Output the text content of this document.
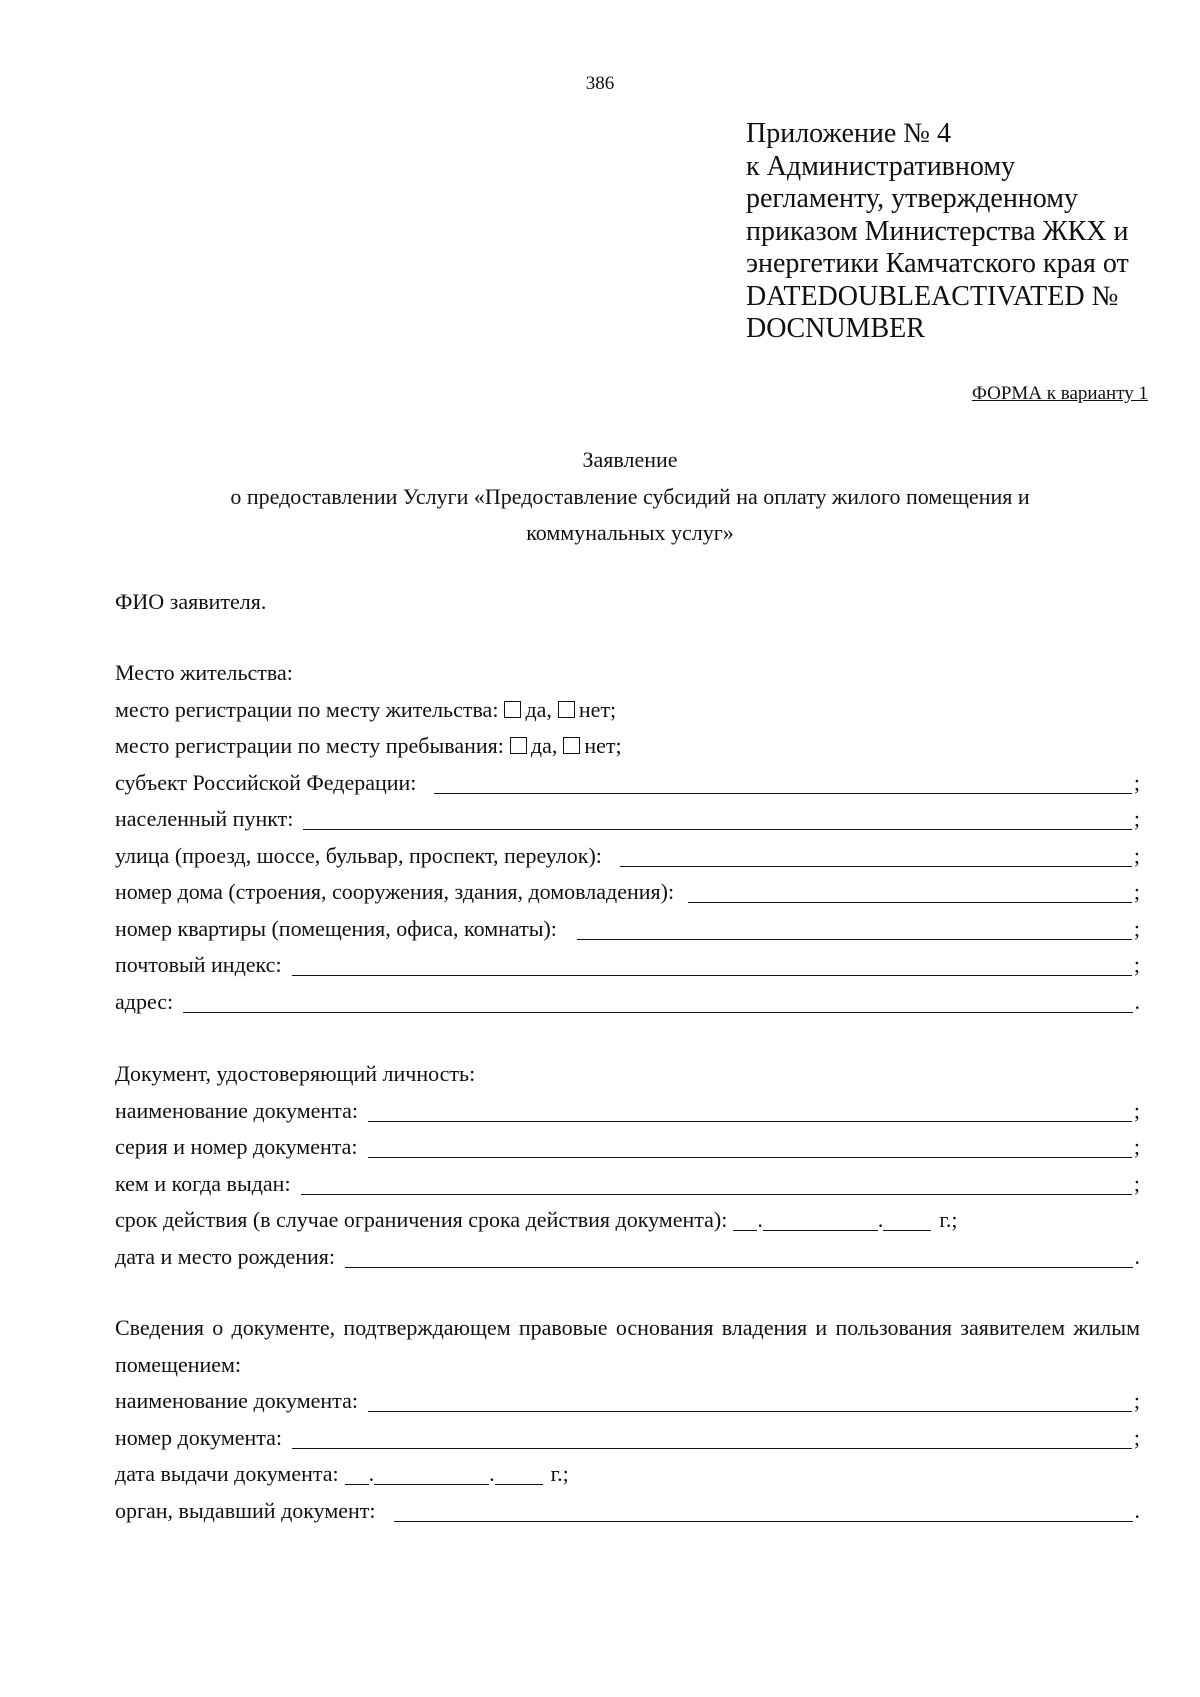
386
Приложение № 4
к Административному
регламенту, утвержденному
приказом Министерства ЖКХ и
энергетики Камчатского края от
DATEDOUBLEACTIVATED №
DOCNUMBER
ФОРМА к варианту 1
Заявление
о предоставлении Услуги «Предоставление субсидий на оплату жилого помещения и
коммунальных услуг»
ФИО заявителя.
Место жительства:
место регистрации по месту жительства: да, нет;
место регистрации по месту пребывания: да, нет;
субъект Российской Федерации:	;
населенный пункт:	;
улица (проезд, шоссе, бульвар, проспект, переулок):	;
номер дома (строения, сооружения, здания, домовладения):	;
номер квартиры (помещения, офиса, комнаты):	;
почтовый индекс:	;
адрес:	.
Документ, удостоверяющий личность:
наименование документа:	;
серия и номер документа:	;
кем и когда выдан:	;
срок действия (в случае ограничения срока действия документа): .	.	г.;
дата и место рождения:	.
Сведения о документе, подтверждающем правовые основания владения и пользования заявителем жилым помещением:
наименование документа:	;
номер документа:	;
дата выдачи документа: .	.	г.;
орган, выдавший документ:	.
